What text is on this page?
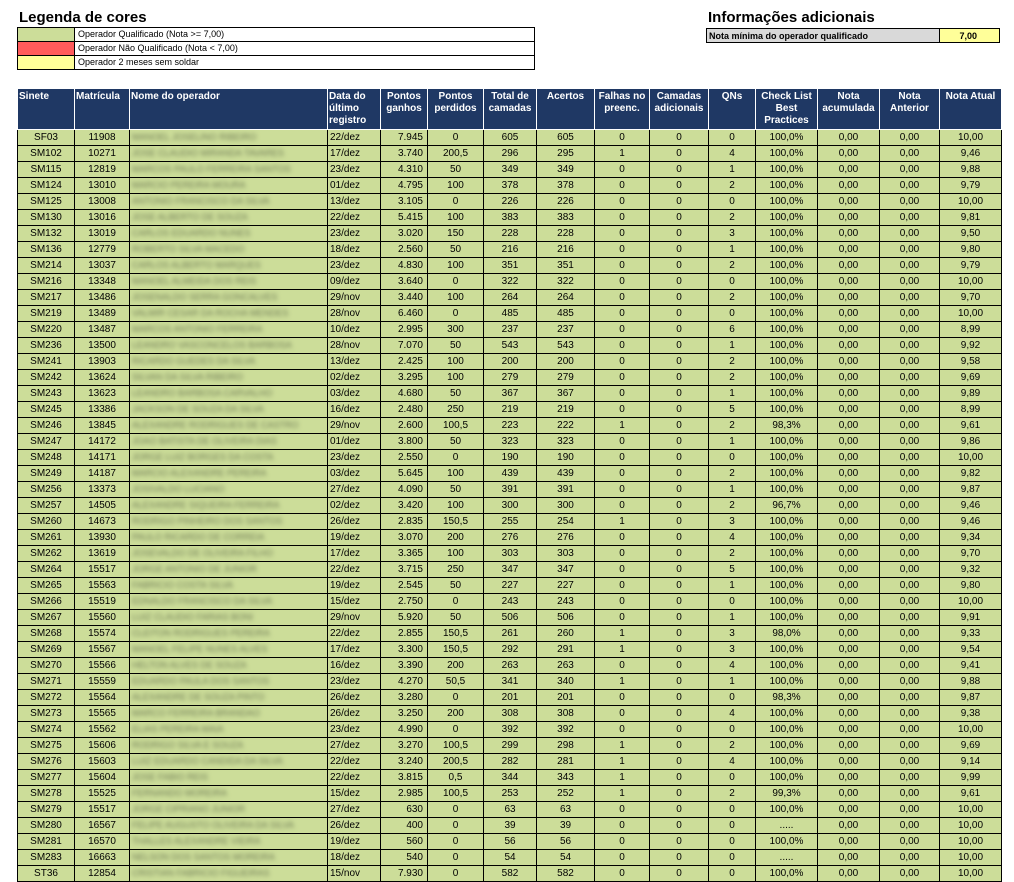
Legenda de cores
	Operador Qualificado (Nota >= 7,00)
	Operador Não Qualificado (Nota < 7,00)
	Operador 2 meses sem soldar
Informações adicionais
Nota mínima do operador qualificado	7,00
Sinete	Matrícula	Nome do operador	Data do último registro	Pontos ganhos	Pontos perdidos	Total de camadas	Acertos	Falhas no preenc.	Camadas adicionais	QNs	Check List Best Practices	Nota acumulada	Nota Anterior	Nota Atual
SF03	11908	MANOEL JOSELINO RIBEIRO	22/dez	7.945	0	605	605	0	0	0	100,0%	0,00	0,00	10,00
SM102	10271	JOSE CLAUDIO MIRANDA TAVARES	17/dez	3.740	200,5	296	295	1	0	4	100,0%	0,00	0,00	9,46
SM115	12819	MARCOS PAULO FERREIRA SANTOS	23/dez	4.310	50	349	349	0	0	1	100,0%	0,00	0,00	9,88
SM124	13010	MARCIO PEREIRA MOURA	01/dez	4.795	100	378	378	0	0	2	100,0%	0,00	0,00	9,79
SM125	13008	ANTONIO FRANCISCO DA SILVA	13/dez	3.105	0	226	226	0	0	0	100,0%	0,00	0,00	10,00
SM130	13016	JOSE ALBERTO DE SOUZA	22/dez	5.415	100	383	383	0	0	2	100,0%	0,00	0,00	9,81
SM132	13019	CARLOS EDUARDO NUNES	23/dez	3.020	150	228	228	0	0	3	100,0%	0,00	0,00	9,50
SM136	12779	ROBERTO SILVA MACEDO	18/dez	2.560	50	216	216	0	0	1	100,0%	0,00	0,00	9,80
SM214	13037	CARLOS ALBERTO MARQUES	23/dez	4.830	100	351	351	0	0	2	100,0%	0,00	0,00	9,79
SM216	13348	MANOEL ALMEIDA DOS REIS	09/dez	3.640	0	322	322	0	0	0	100,0%	0,00	0,00	10,00
SM217	13486	JOSENALDO SERRA GONCALVES	29/nov	3.440	100	264	264	0	0	2	100,0%	0,00	0,00	9,70
SM219	13489	VALMIR CESAR DA ROCHA MENDES	28/nov	6.460	0	485	485	0	0	0	100,0%	0,00	0,00	10,00
SM220	13487	MARCOS ANTONIO FERREIRA	10/dez	2.995	300	237	237	0	0	6	100,0%	0,00	0,00	8,99
SM236	13500	LEANDRO VASCONCELOS BARBOSA	28/nov	7.070	50	543	543	0	0	1	100,0%	0,00	0,00	9,92
SM241	13903	RICARDO GUEDES DA SILVA	13/dez	2.425	100	200	200	0	0	2	100,0%	0,00	0,00	9,58
SM242	13624	SILVAN DA SILVA RIBEIRO	02/dez	3.295	100	279	279	0	0	2	100,0%	0,00	0,00	9,69
SM243	13623	LEANDRO BARBOSA CARVALHO	03/dez	4.680	50	367	367	0	0	1	100,0%	0,00	0,00	9,89
SM245	13386	JACKSON DE SOUZA DA SILVA	16/dez	2.480	250	219	219	0	0	5	100,0%	0,00	0,00	8,99
SM246	13845	ALEXANDRE RODRIGUES DE CASTRO	29/nov	2.600	100,5	223	222	1	0	2	98,3%	0,00	0,00	9,61
SM247	14172	JOAO BATISTA DE OLIVEIRA DIAS	01/dez	3.800	50	323	323	0	0	1	100,0%	0,00	0,00	9,86
SM248	14171	JORGE LUIZ BORGES DA COSTA	23/dez	2.550	0	190	190	0	0	0	100,0%	0,00	0,00	10,00
SM249	14187	MARCIO ALEXANDRE PEREIRA	03/dez	5.645	100	439	439	0	0	2	100,0%	0,00	0,00	9,82
SM256	13373	JOSIVALDO LUCIANO	27/dez	4.090	50	391	391	0	0	1	100,0%	0,00	0,00	9,87
SM257	14505	ALEXANDRE SIQUEIRA FERREIRA	02/dez	3.420	100	300	300	0	0	2	96,7%	0,00	0,00	9,46
SM260	14673	RODRIGO PINHEIRO DOS SANTOS	26/dez	2.835	150,5	255	254	1	0	3	100,0%	0,00	0,00	9,46
SM261	13930	PAULO RICARDO DE CORREIA	19/dez	3.070	200	276	276	0	0	4	100,0%	0,00	0,00	9,34
SM262	13619	JOSEVALDO DE OLIVEIRA FILHO	17/dez	3.365	100	303	303	0	0	2	100,0%	0,00	0,00	9,70
SM264	15517	JORGE ANTONIO DE JUNIOR	22/dez	3.715	250	347	347	0	0	5	100,0%	0,00	0,00	9,32
SM265	15563	FABRICIO COSTA SILVA	19/dez	2.545	50	227	227	0	0	1	100,0%	0,00	0,00	9,80
SM266	15519	EDNALDO FRANCISCO DA SILVA	15/dez	2.750	0	243	243	0	0	0	100,0%	0,00	0,00	10,00
SM267	15560	LUIZ CLAUDIO FARIAS BONI	29/nov	5.920	50	506	506	0	0	1	100,0%	0,00	0,00	9,91
SM268	15574	CLEITON RODRIGUES PEREIRA	22/dez	2.855	150,5	261	260	1	0	3	98,0%	0,00	0,00	9,33
SM269	15567	MANOEL FELIPE NUNES ALVES	17/dez	3.300	150,5	292	291	1	0	3	100,0%	0,00	0,00	9,54
SM270	15566	HELTON ALVES DE SOUZA	16/dez	3.390	200	263	263	0	0	4	100,0%	0,00	0,00	9,41
SM271	15559	EDUARDO PAULA DOS SANTOS	23/dez	4.270	50,5	341	340	1	0	1	100,0%	0,00	0,00	9,88
SM272	15564	ALEXANDRE DE SOUZA PINTO	26/dez	3.280	0	201	201	0	0	0	98,3%	0,00	0,00	9,87
SM273	15565	MARCO FERREIRA BRANDAO	26/dez	3.250	200	308	308	0	0	4	100,0%	0,00	0,00	9,38
SM274	15562	ELIAS PEREIRA MAIA	23/dez	4.990	0	392	392	0	0	0	100,0%	0,00	0,00	10,00
SM275	15606	RODRIGO SILVA E SOUZA	27/dez	3.270	100,5	299	298	1	0	2	100,0%	0,00	0,00	9,69
SM276	15603	LUIZ EDUARDO CANDIDA DA SILVA	22/dez	3.240	200,5	282	281	1	0	4	100,0%	0,00	0,00	9,14
SM277	15604	JOSE FABIO REIS	22/dez	3.815	0,5	344	343	1	0	0	100,0%	0,00	0,00	9,99
SM278	15525	FERNANDO MOREIRA	15/dez	2.985	100,5	253	252	1	0	2	99,3%	0,00	0,00	9,61
SM279	15517	JORGE CIPRIANO JUNIOR	27/dez	630	0	63	63	0	0	0	100,0%	0,00	0,00	10,00
SM280	16567	FELIPE AUGUSTO OLIVEIRA DA SILVA	26/dez	400	0	39	39	0	0	0	.....	0,00	0,00	10,00
SM281	16570	THALLES ALEXANDRE VIEIRA	19/dez	560	0	56	56	0	0	0	100,0%	0,00	0,00	10,00
SM283	16663	NELSON DOS SANTOS MOREIRA	18/dez	540	0	54	54	0	0	0	.....	0,00	0,00	10,00
ST36	12854	CRISTIAN FABRICIO FIGUEIRAS	15/nov	7.930	0	582	582	0	0	0	100,0%	0,00	0,00	10,00
